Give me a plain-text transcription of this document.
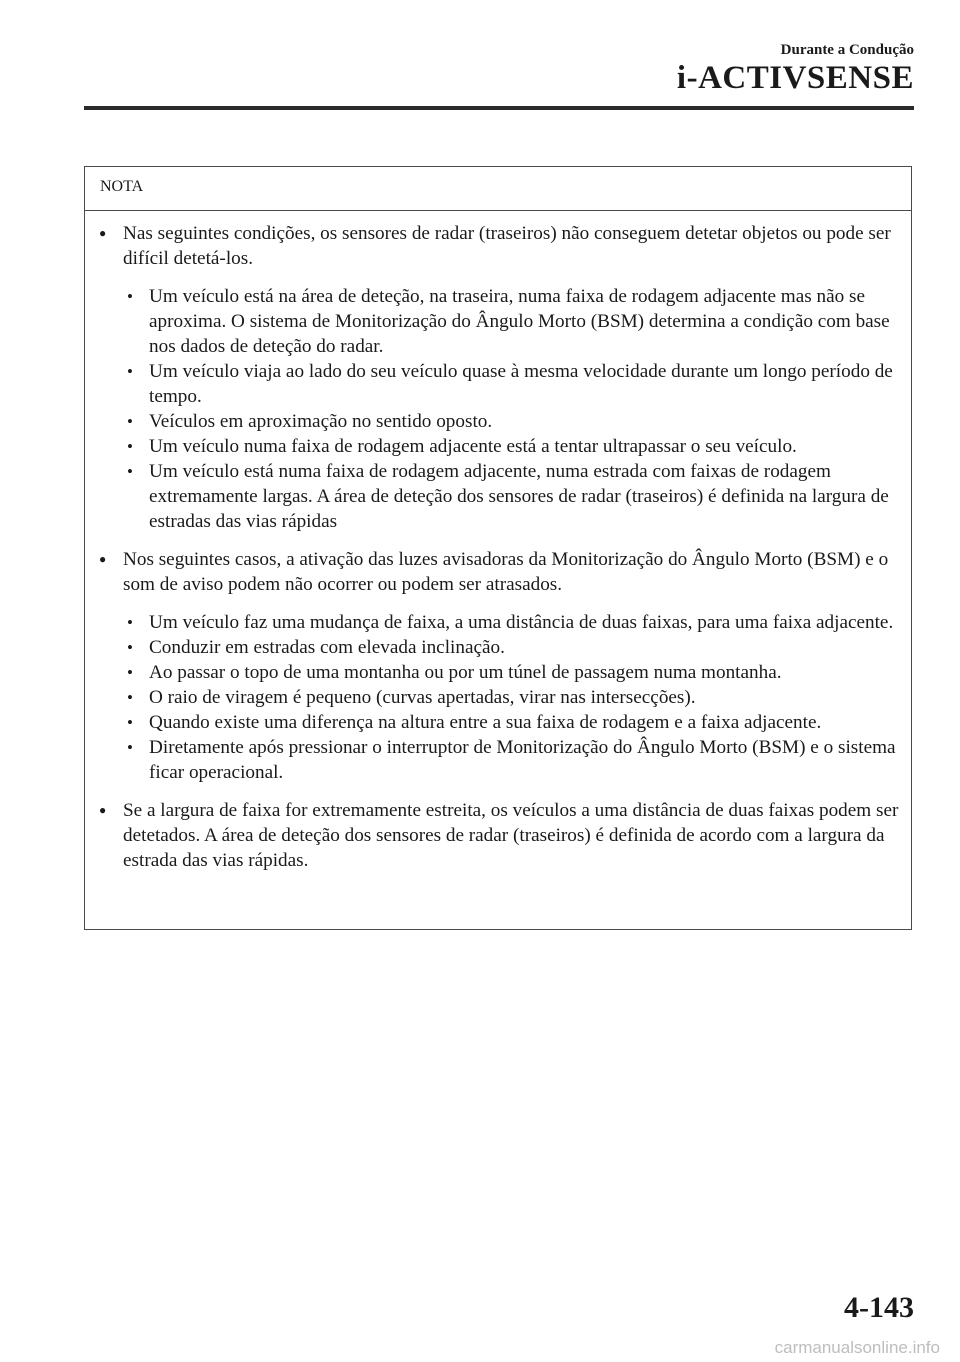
Durante a Condução
i-ACTIVSENSE
NOTA
● Nas seguintes condições, os sensores de radar (traseiros) não conseguem detetar objetos ou pode ser difícil detetá-los.

• Um veículo está na área de deteção, na traseira, numa faixa de rodagem adjacente mas não se aproxima. O sistema de Monitorização do Ângulo Morto (BSM) determina a condição com base nos dados de deteção do radar.
• Um veículo viaja ao lado do seu veículo quase à mesma velocidade durante um longo período de tempo.
• Veículos em aproximação no sentido oposto.
• Um veículo numa faixa de rodagem adjacente está a tentar ultrapassar o seu veículo.
• Um veículo está numa faixa de rodagem adjacente, numa estrada com faixas de rodagem extremamente largas. A área de deteção dos sensores de radar (traseiros) é definida na largura de estradas das vias rápidas
● Nos seguintes casos, a ativação das luzes avisadoras da Monitorização do Ângulo Morto (BSM) e o som de aviso podem não ocorrer ou podem ser atrasados.

• Um veículo faz uma mudança de faixa, a uma distância de duas faixas, para uma faixa adjacente.
• Conduzir em estradas com elevada inclinação.
• Ao passar o topo de uma montanha ou por um túnel de passagem numa montanha.
• O raio de viragem é pequeno (curvas apertadas, virar nas intersecções).
• Quando existe uma diferença na altura entre a sua faixa de rodagem e a faixa adjacente.
• Diretamente após pressionar o interruptor de Monitorização do Ângulo Morto (BSM) e o sistema ficar operacional.
● Se a largura de faixa for extremamente estreita, os veículos a uma distância de duas faixas podem ser detetados. A área de deteção dos sensores de radar (traseiros) é definida de acordo com a largura da estrada das vias rápidas.

4-143
carmanualsonline.info
